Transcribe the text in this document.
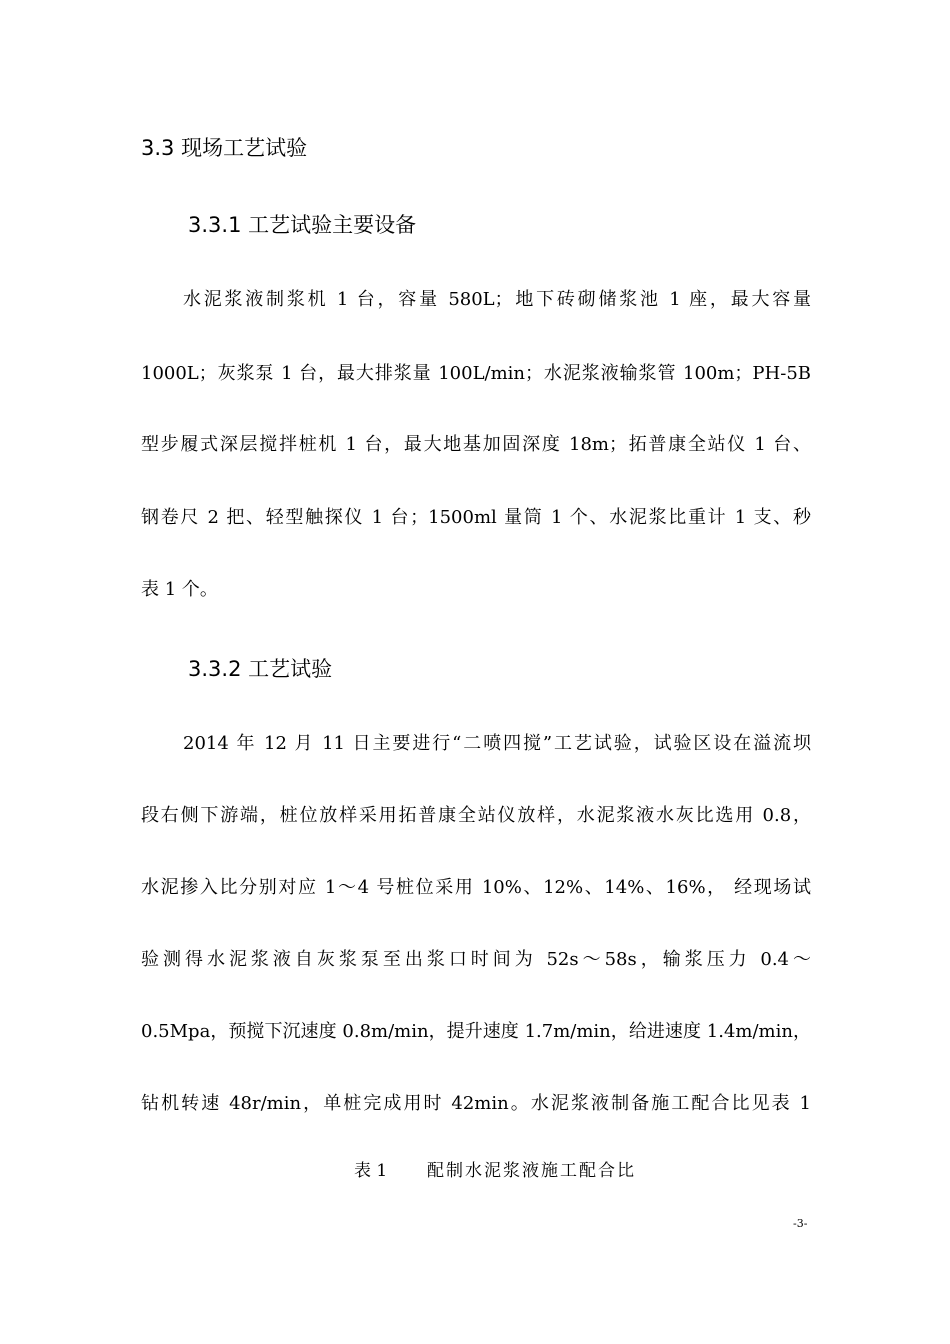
3.3 现场工艺试验
3.3.1 工艺试验主要设备
水泥浆液制浆机 1 台，容量 580L；地下砖砌储浆池 1 座，最大容量
1000L；灰浆泵 1 台，最大排浆量 100L/min；水泥浆液输浆管 100m；PH-5B
型步履式深层搅拌桩机 1 台，最大地基加固深度 18m；拓普康全站仪 1 台、
钢卷尺 2 把、轻型触探仪 1 台；1500ml 量筒 1 个、水泥浆比重计 1 支、秒
表 1 个。
3.3.2 工艺试验
2014 年 12 月 11 日主要进行“二喷四搅”工艺试验，试验区设在溢流坝
段右侧下游端，桩位放样采用拓普康全站仪放样，水泥浆液水灰比选用 0.8，
水泥掺入比分别对应 1～4 号桩位采用 10%、12%、14%、16%， 经现场试
验测得水泥浆液自灰浆泵至出浆口时间为 52s～58s，输浆压力 0.4～
0.5Mpa，预搅下沉速度 0.8m/min，提升速度 1.7m/min，给进速度 1.4m/min，
钻机转速 48r/min，单桩完成用时 42min。水泥浆液制备施工配合比见表 1
表 1 配制水泥浆液施工配合比
-3-
